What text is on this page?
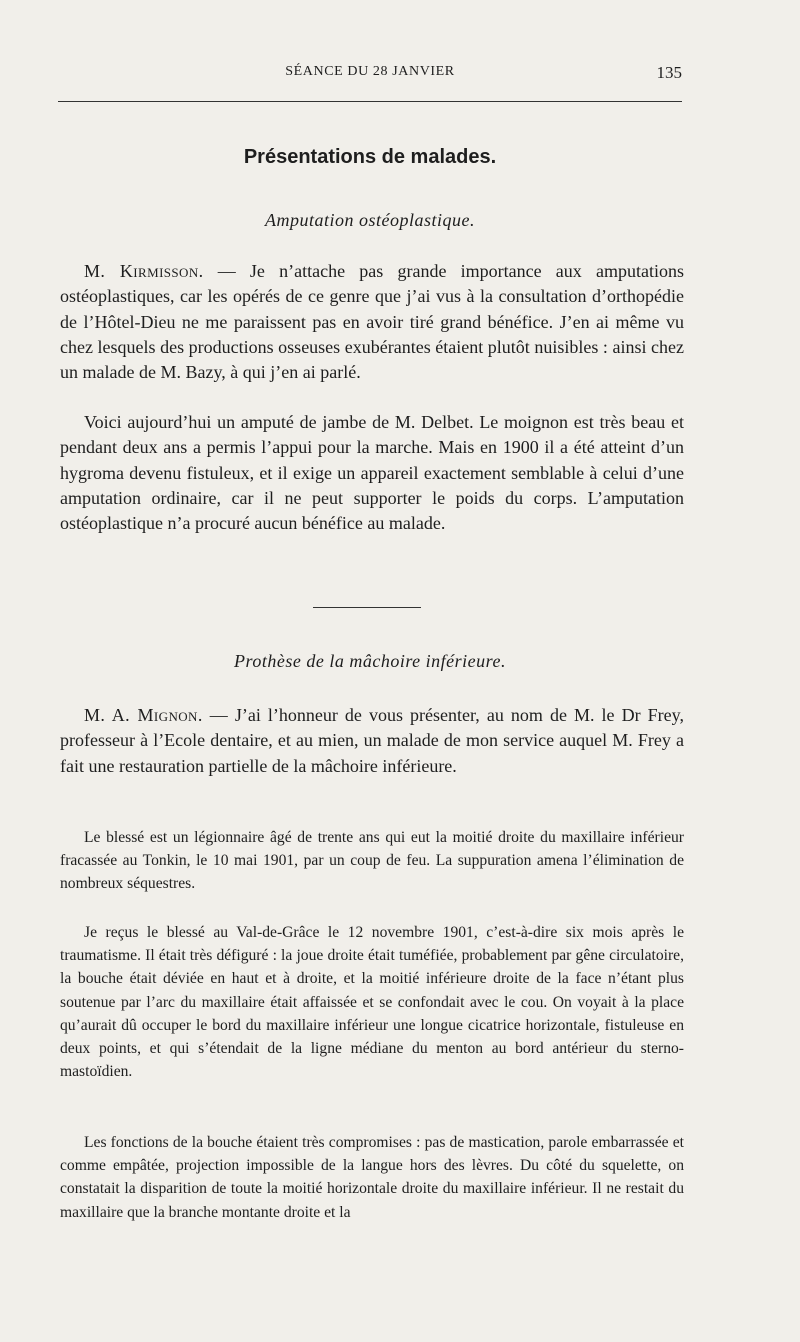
SÉANCE DU 28 JANVIER	135
Présentations de malades.
Amputation ostéoplastique.

M. Kirmisson. — Je n’attache pas grande importance aux amputations ostéoplastiques, car les opérés de ce genre que j’ai vus à la consultation d’orthopédie de l’Hôtel-Dieu ne me paraissent pas en avoir tiré grand bénéfice. J’en ai même vu chez lesquels des productions osseuses exubérantes étaient plutôt nuisibles : ainsi chez un malade de M. Bazy, à qui j’en ai parlé.

Voici aujourd’hui un amputé de jambe de M. Delbet. Le moignon est très beau et pendant deux ans a permis l’appui pour la marche. Mais en 1900 il a été atteint d’un hygroma devenu fistuleux, et il exige un appareil exactement semblable à celui d’une amputation ordinaire, car il ne peut supporter le poids du corps. L’amputation ostéoplastique n’a procuré aucun bénéfice au malade.

Prothèse de la mâchoire inférieure.

M. A. Mignon. — J’ai l’honneur de vous présenter, au nom de M. le Dr Frey, professeur à l’Ecole dentaire, et au mien, un malade de mon service auquel M. Frey a fait une restauration partielle de la mâchoire inférieure.

Le blessé est un légionnaire âgé de trente ans qui eut la moitié droite du maxillaire inférieur fracassée au Tonkin, le 10 mai 1901, par un coup de feu. La suppuration amena l’élimination de nombreux séquestres.

Je reçus le blessé au Val-de-Grâce le 12 novembre 1901, c’est-à-dire six mois après le traumatisme. Il était très défiguré : la joue droite était tuméfiée, probablement par gêne circulatoire, la bouche était déviée en haut et à droite, et la moitié inférieure droite de la face n’étant plus soutenue par l’arc du maxillaire était affaissée et se confondait avec le cou. On voyait à la place qu’aurait dû occuper le bord du maxillaire inférieur une longue cicatrice horizontale, fistuleuse en deux points, et qui s’étendait de la ligne médiane du menton au bord antérieur du sterno-mastoïdien.

Les fonctions de la bouche étaient très compromises : pas de mastication, parole embarrassée et comme empâtée, projection impossible de la langue hors des lèvres. Du côté du squelette, on constatait la disparition de toute la moitié horizontale droite du maxillaire inférieur. Il ne restait du maxillaire que la branche montante droite et la
